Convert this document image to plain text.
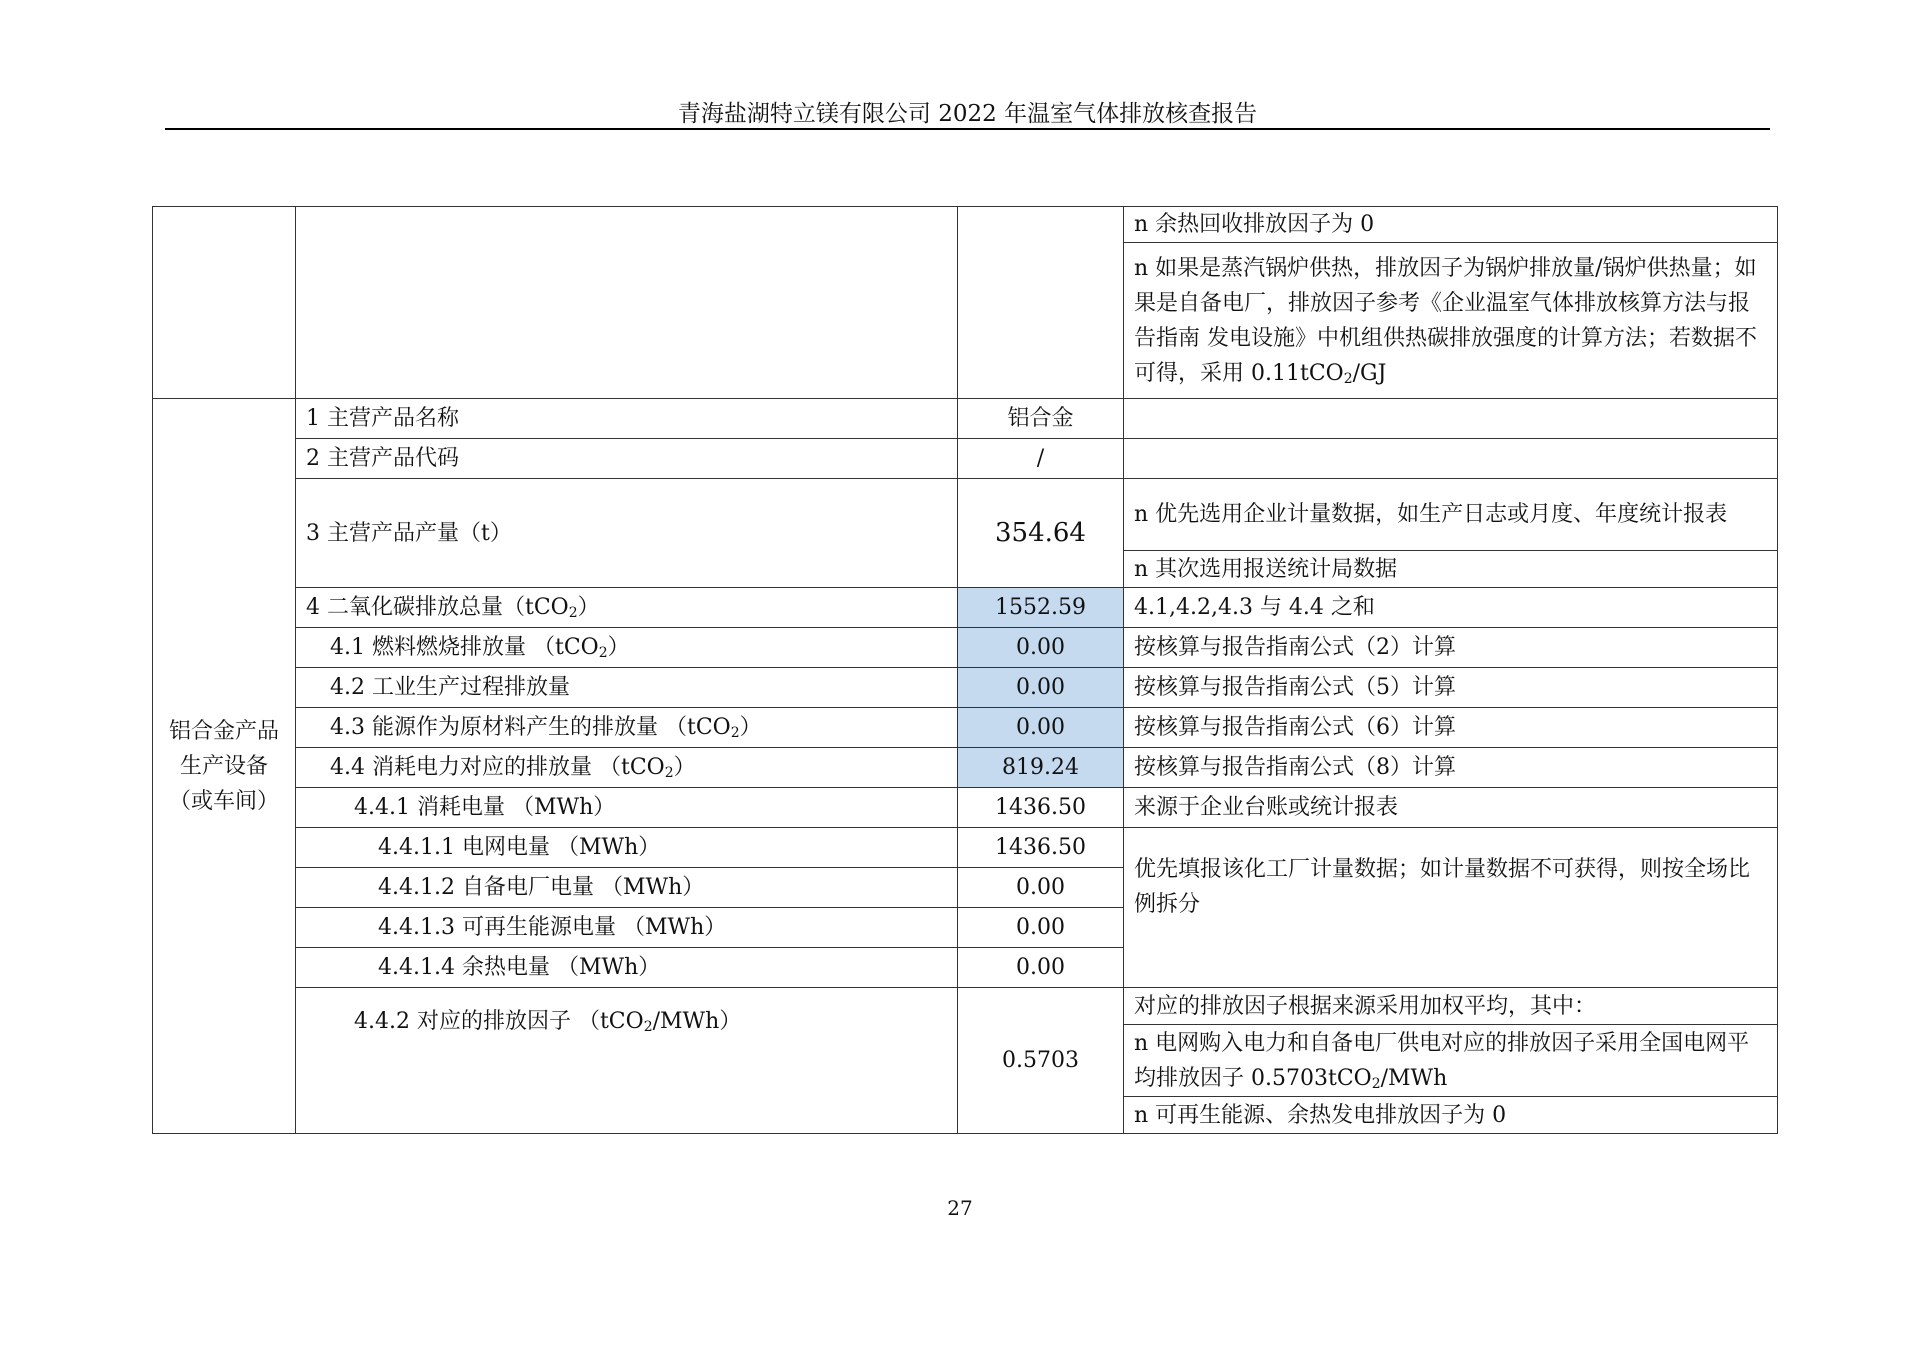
青海盐湖特立镁有限公司 2022 年温室气体排放核查报告
			n 余热回收排放因子为 0
			n 如果是蒸汽锅炉供热，排放因子为锅炉排放量/锅炉供热量；如果是自备电厂，排放因子参考《企业温室气体排放核算方法与报告指南 发电设施》中机组供热碳排放强度的计算方法；若数据不可得，采用 0.11tCO$_2$/GJ
铝合金产品生产设备（或车间）	1 主营产品名称	铝合金	
	2 主营产品代码	/	
	3 主营产品产量（t）	354.64	n 优先选用企业计量数据，如生产日志或月度、年度统计报表
			n 其次选用报送统计局数据
	4 二氧化碳排放总量（tCO$_2$）	1552.59	4.1,4.2,4.3 与 4.4 之和
	4.1 燃料燃烧排放量 （tCO$_2$）	0.00	按核算与报告指南公式（2）计算
	4.2 工业生产过程排放量	0.00	按核算与报告指南公式（5）计算
	4.3 能源作为原材料产生的排放量 （tCO$_2$）	0.00	按核算与报告指南公式（6）计算
	4.4 消耗电力对应的排放量 （tCO$_2$）	819.24	按核算与报告指南公式（8）计算
	4.4.1 消耗电量 （MWh）	1436.50	来源于企业台账或统计报表
	4.4.1.1 电网电量 （MWh）	1436.50	优先填报该化工厂计量数据；如计量数据不可获得，则按全场比例拆分
	4.4.1.2 自备电厂电量 （MWh）	0.00	
	4.4.1.3 可再生能源电量 （MWh）	0.00	
	4.4.1.4 余热电量 （MWh）	0.00	
	4.4.2 对应的排放因子 （tCO$_2$/MWh）	0.5703	对应的排放因子根据来源采用加权平均，其中：
			n 电网购入电力和自备电厂供电对应的排放因子采用全国电网平均排放因子 0.5703tCO$_2$/MWh
			n 可再生能源、余热发电排放因子为 0
27
